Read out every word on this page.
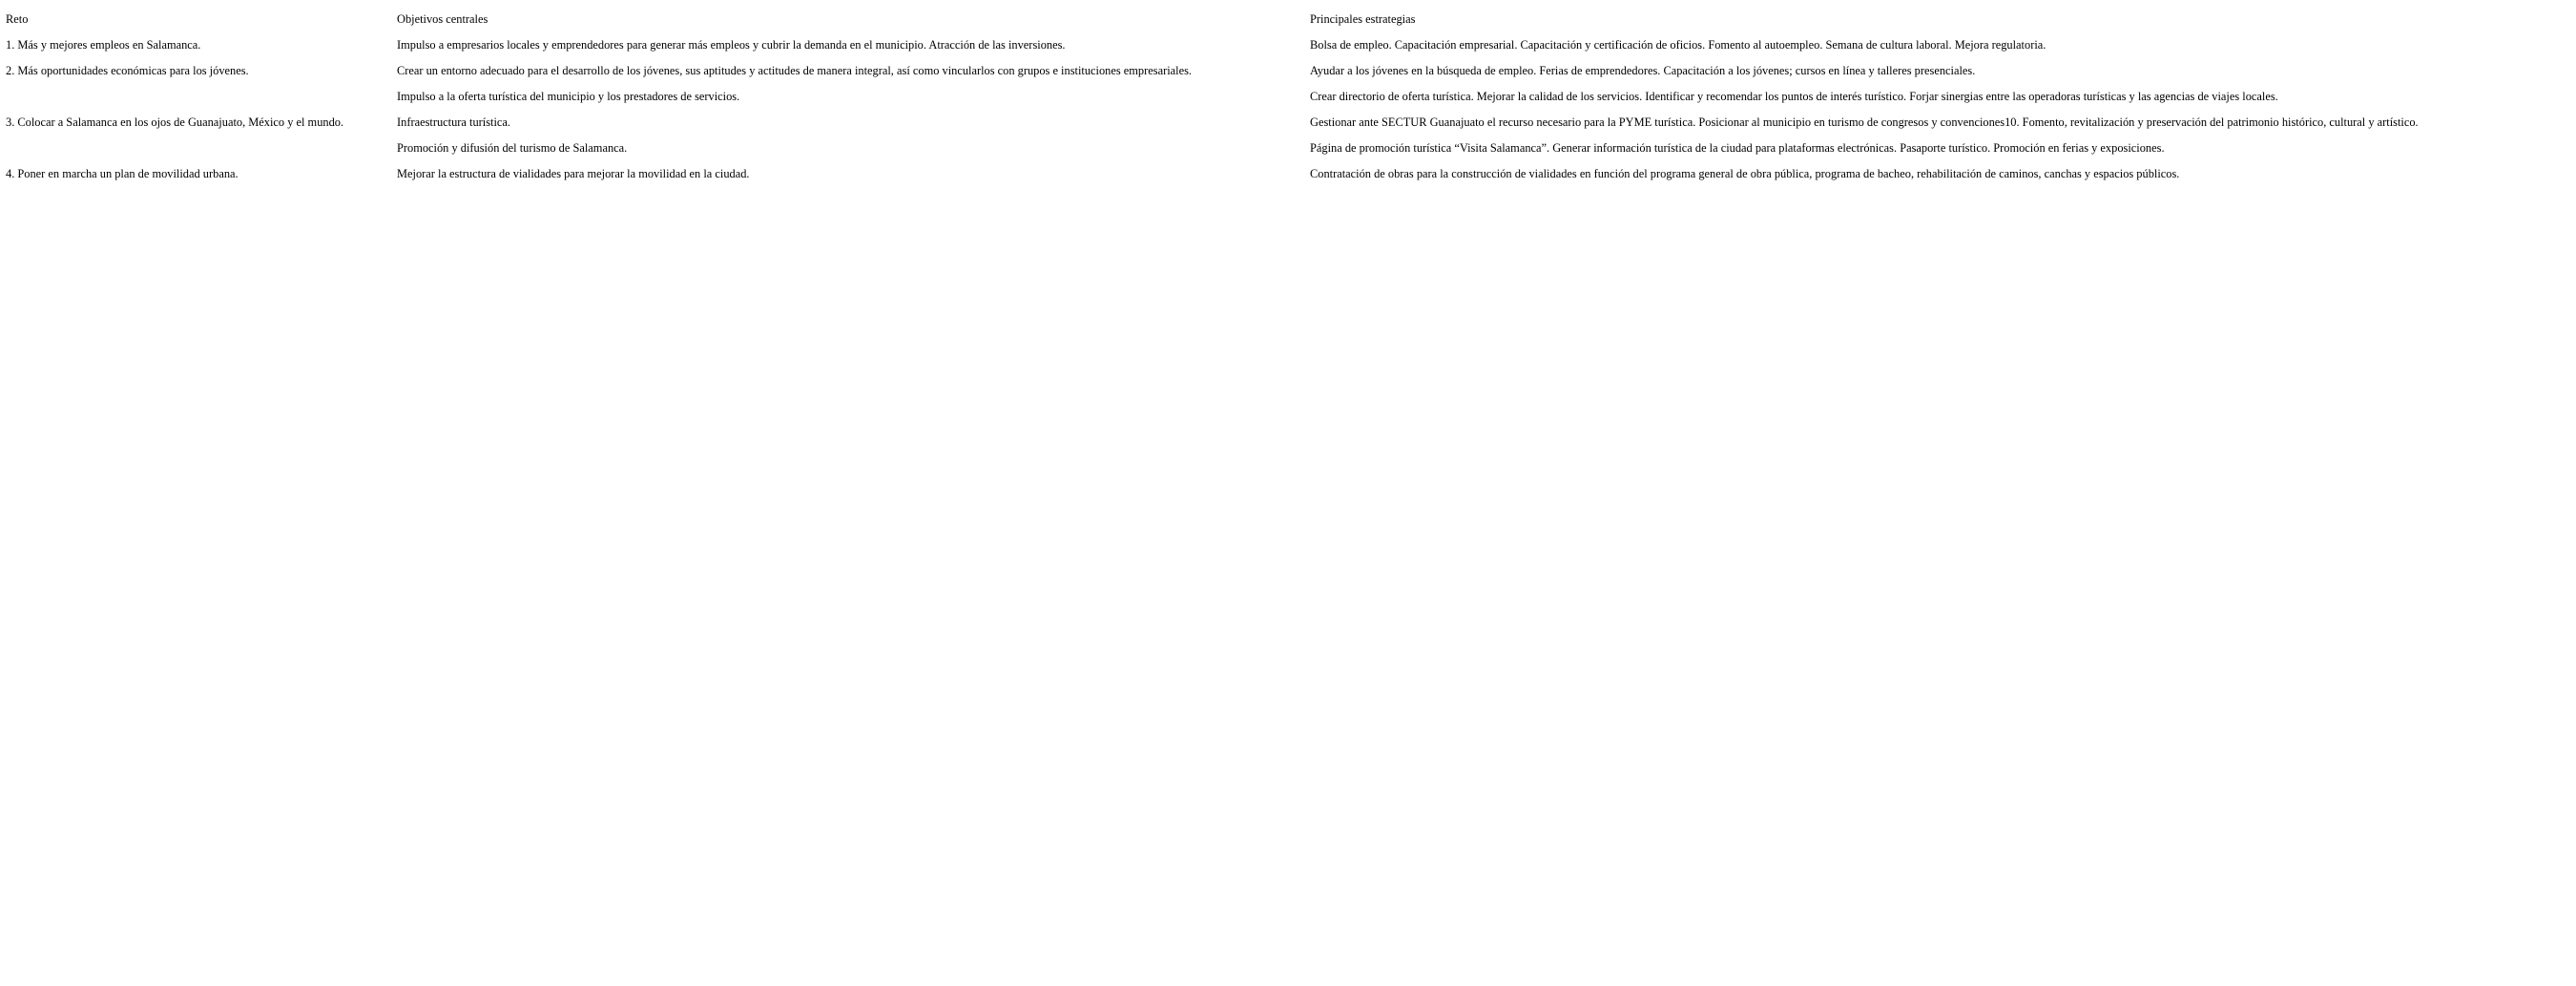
Reto	Objetivos centrales	Principales estrategias
1. Más y mejores empleos en Salamanca.	Impulso a empresarios locales y emprendedores para generar más empleos y cubrir la demanda en el municipio. Atracción de las inversiones.	Bolsa de empleo. Capacitación empresarial. Capacitación y certificación de oficios. Fomento al autoempleo. Semana de cultura laboral. Mejora regulatoria.
2. Más oportunidades económicas para los jóvenes.	Crear un entorno adecuado para el desarrollo de los jóvenes, sus aptitudes y actitudes de manera integral, así como vincularlos con grupos e instituciones empresariales.	Ayudar a los jóvenes en la búsqueda de empleo. Ferias de emprendedores. Capacitación a los jóvenes; cursos en línea y talleres presenciales.
	Impulso a la oferta turística del municipio y los prestadores de servicios.	Crear directorio de oferta turística. Mejorar la calidad de los servicios. Identificar y recomendar los puntos de interés turístico. Forjar sinergias entre las operadoras turísticas y las agencias de viajes locales.
3. Colocar a Salamanca en los ojos de Guanajuato, México y el mundo.	Infraestructura turística.	Gestionar ante SECTUR Guanajuato el recurso necesario para la PYME turística. Posicionar al municipio en turismo de congresos y convenciones10. Fomento, revitalización y preservación del patrimonio histórico, cultural y artístico.
	Promoción y difusión del turismo de Salamanca.	Página de promoción turística “Visita Salamanca”. Generar información turística de la ciudad para plataformas electrónicas. Pasaporte turístico. Promoción en ferias y exposiciones.
4. Poner en marcha un plan de movilidad urbana.	Mejorar la estructura de vialidades para mejorar la movilidad en la ciudad.	Contratación de obras para la construcción de vialidades en función del programa general de obra pública, programa de bacheo, rehabilitación de caminos, canchas y espacios públicos.
